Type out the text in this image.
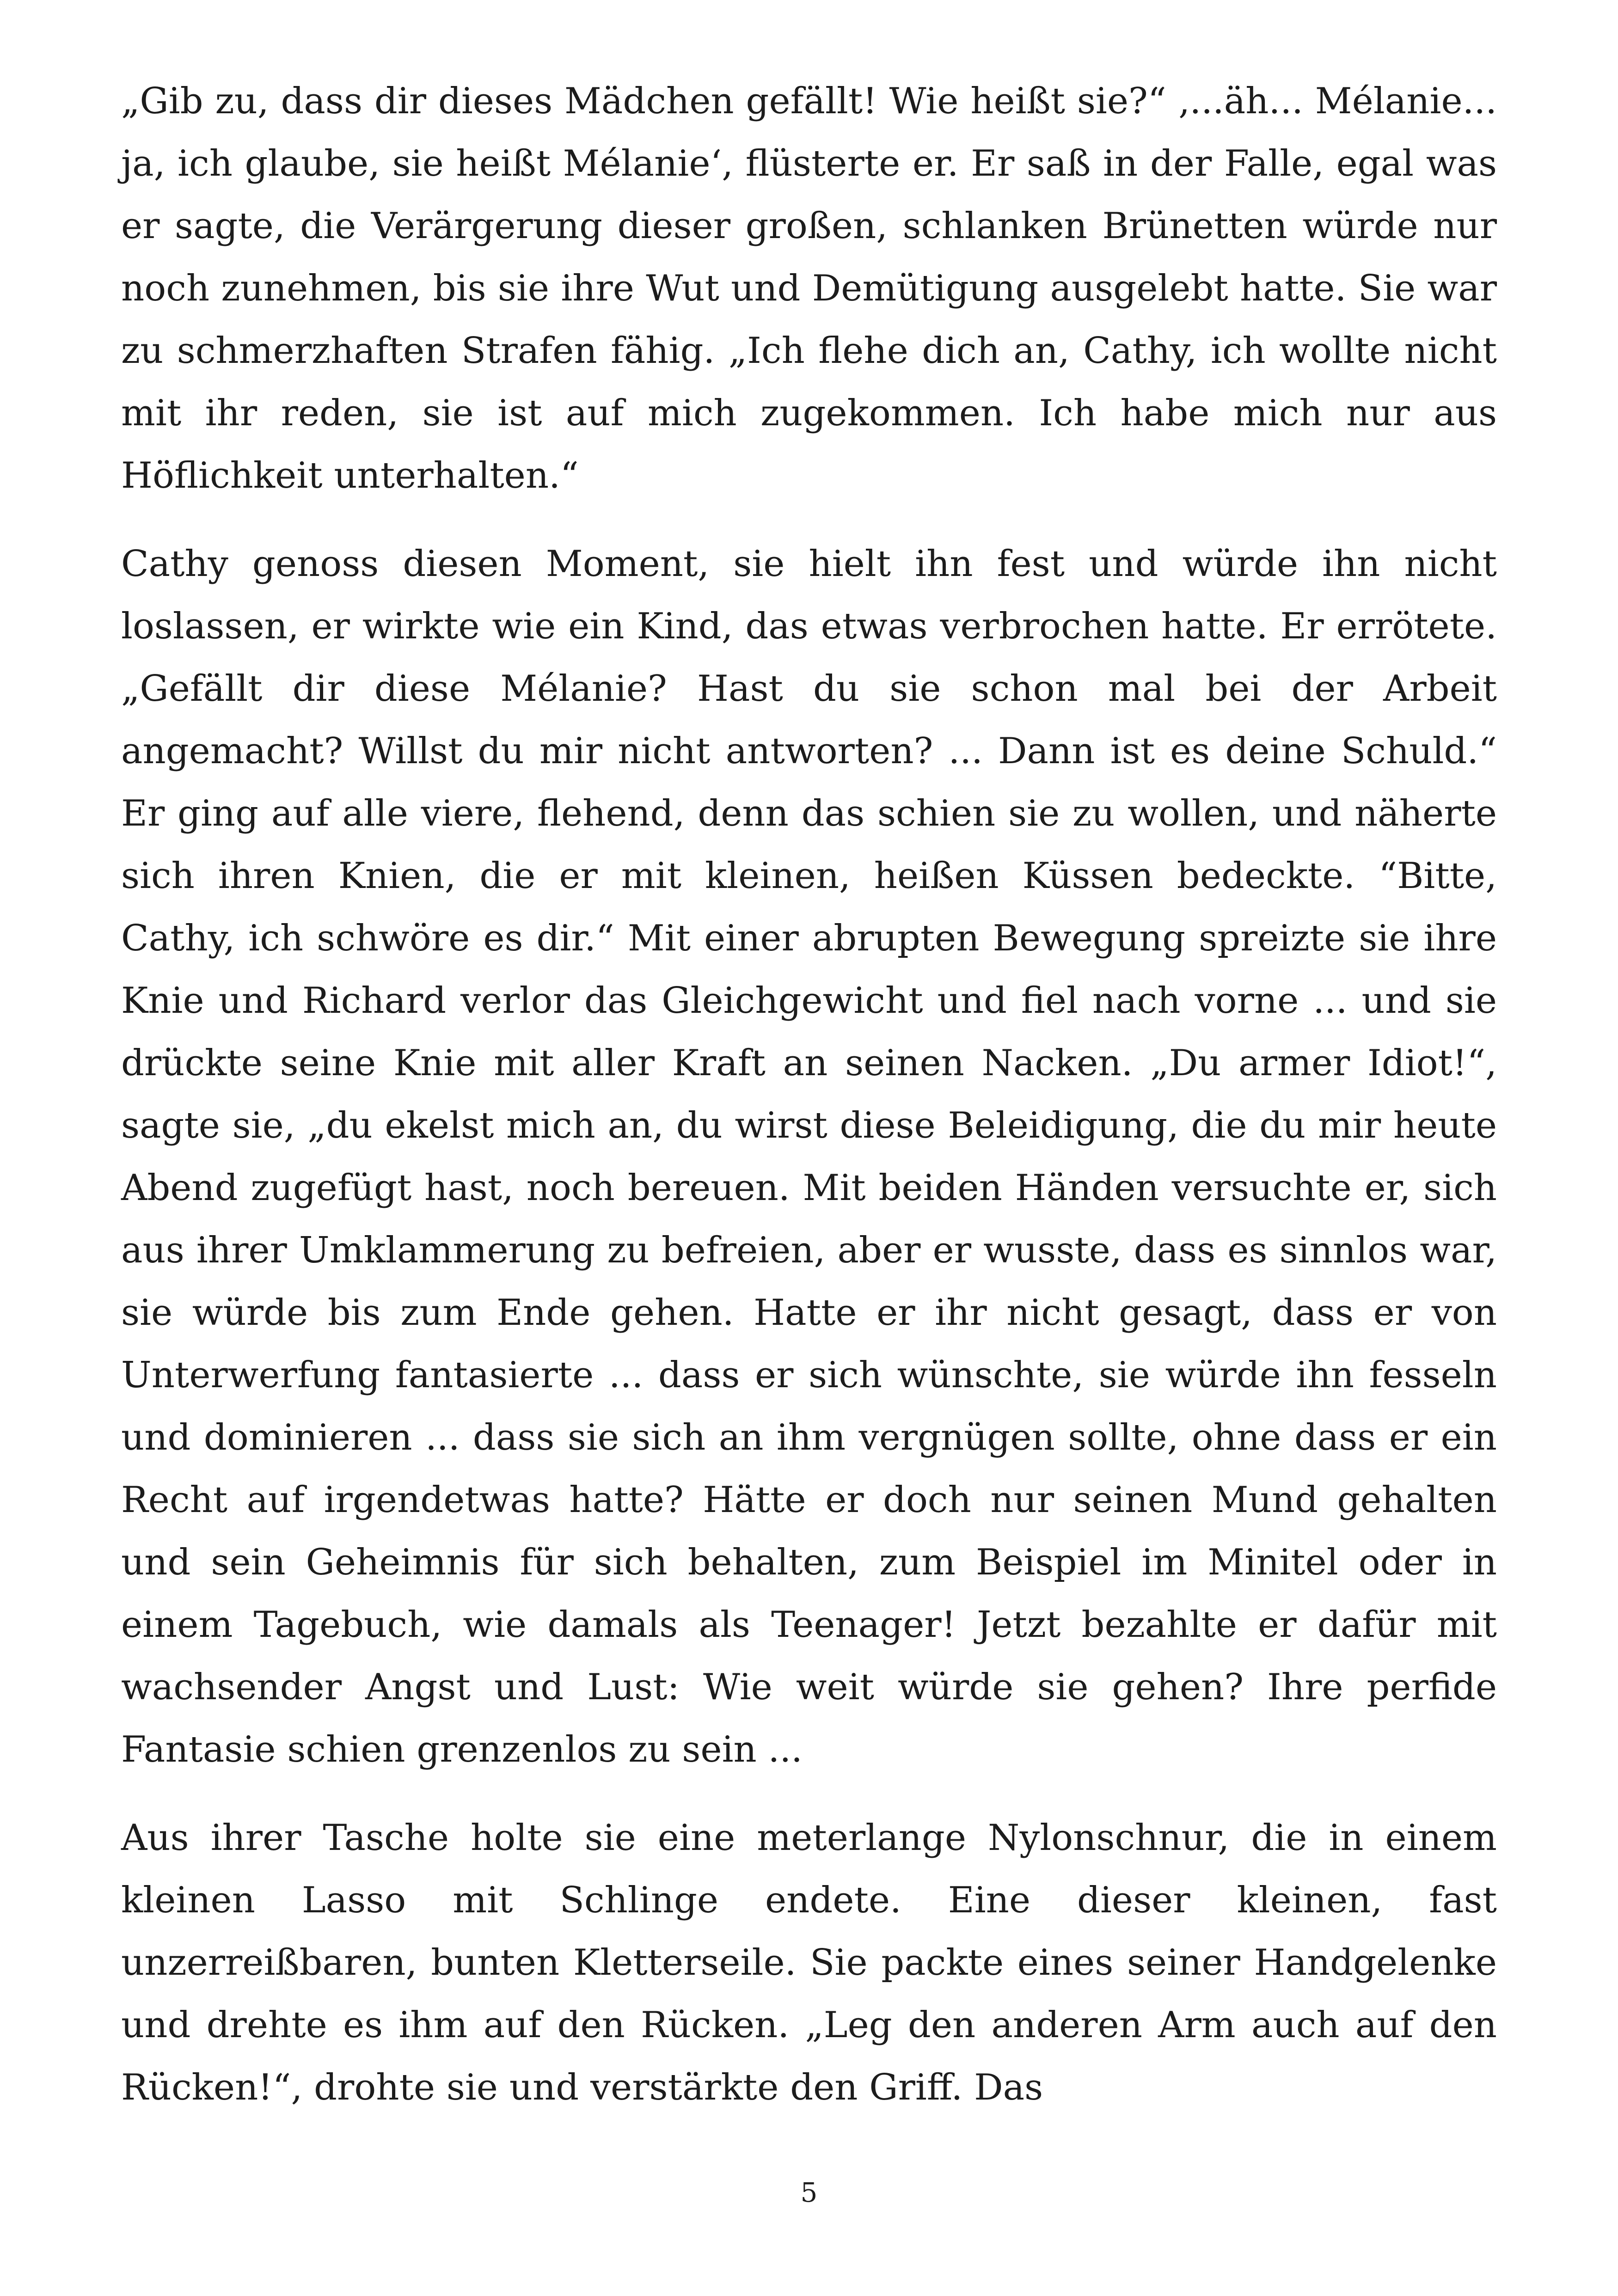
„Gib zu, dass dir dieses Mädchen gefällt! Wie heißt sie?“ ‚...äh... Mélanie... ja, ich glaube, sie heißt Mélanie‘, flüsterte er. Er saß in der Falle, egal was er sagte, die Verärgerung dieser großen, schlanken Brünetten würde nur noch zunehmen, bis sie ihre Wut und Demütigung ausgelebt hatte. Sie war zu schmerzhaften Strafen fähig. „Ich flehe dich an, Cathy, ich wollte nicht mit ihr reden, sie ist auf mich zugekommen. Ich habe mich nur aus Höflichkeit unterhalten.“

Cathy genoss diesen Moment, sie hielt ihn fest und würde ihn nicht loslassen, er wirkte wie ein Kind, das etwas verbrochen hatte. Er errötete. „Gefällt dir diese Mélanie? Hast du sie schon mal bei der Arbeit angemacht? Willst du mir nicht antworten? ... Dann ist es deine Schuld.“ Er ging auf alle viere, flehend, denn das schien sie zu wollen, und näherte sich ihren Knien, die er mit kleinen, heißen Küssen bedeckte. “Bitte, Cathy, ich schwöre es dir.“ Mit einer abrupten Bewegung spreizte sie ihre Knie und Richard verlor das Gleichgewicht und fiel nach vorne ... und sie drückte seine Knie mit aller Kraft an seinen Nacken. „Du armer Idiot!“, sagte sie, „du ekelst mich an, du wirst diese Beleidigung, die du mir heute Abend zugefügt hast, noch bereuen. Mit beiden Händen versuchte er, sich aus ihrer Umklammerung zu befreien, aber er wusste, dass es sinnlos war, sie würde bis zum Ende gehen. Hatte er ihr nicht gesagt, dass er von Unterwerfung fantasierte ... dass er sich wünschte, sie würde ihn fesseln und dominieren ... dass sie sich an ihm vergnügen sollte, ohne dass er ein Recht auf irgendetwas hatte? Hätte er doch nur seinen Mund gehalten und sein Geheimnis für sich behalten, zum Beispiel im Minitel oder in einem Tagebuch, wie damals als Teenager! Jetzt bezahlte er dafür mit wachsender Angst und Lust: Wie weit würde sie gehen? Ihre perfide Fantasie schien grenzenlos zu sein ...

Aus ihrer Tasche holte sie eine meterlange Nylonschnur, die in einem kleinen Lasso mit Schlinge endete. Eine dieser kleinen, fast unzerreißbaren, bunten Kletterseile. Sie packte eines seiner Handgelenke und drehte es ihm auf den Rücken. „Leg den anderen Arm auch auf den Rücken!“, drohte sie und verstärkte den Griff. Das

5
